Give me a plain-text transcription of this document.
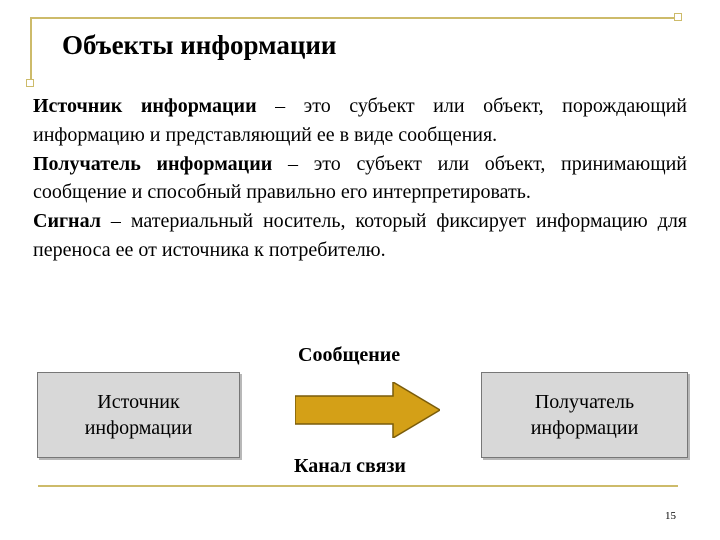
Объекты информации

Источник информации – это субъект или объект, порождающий информацию и представляющий ее в виде сообщения.

Получатель информации – это субъект или объект, принимающий сообщение и способный правильно его интерпретировать.

Сигнал – материальный носитель, который фиксирует информацию для переноса ее от источника к потребителю.

Сообщение
Источник информации
Получатель информации
Канал связи
15
